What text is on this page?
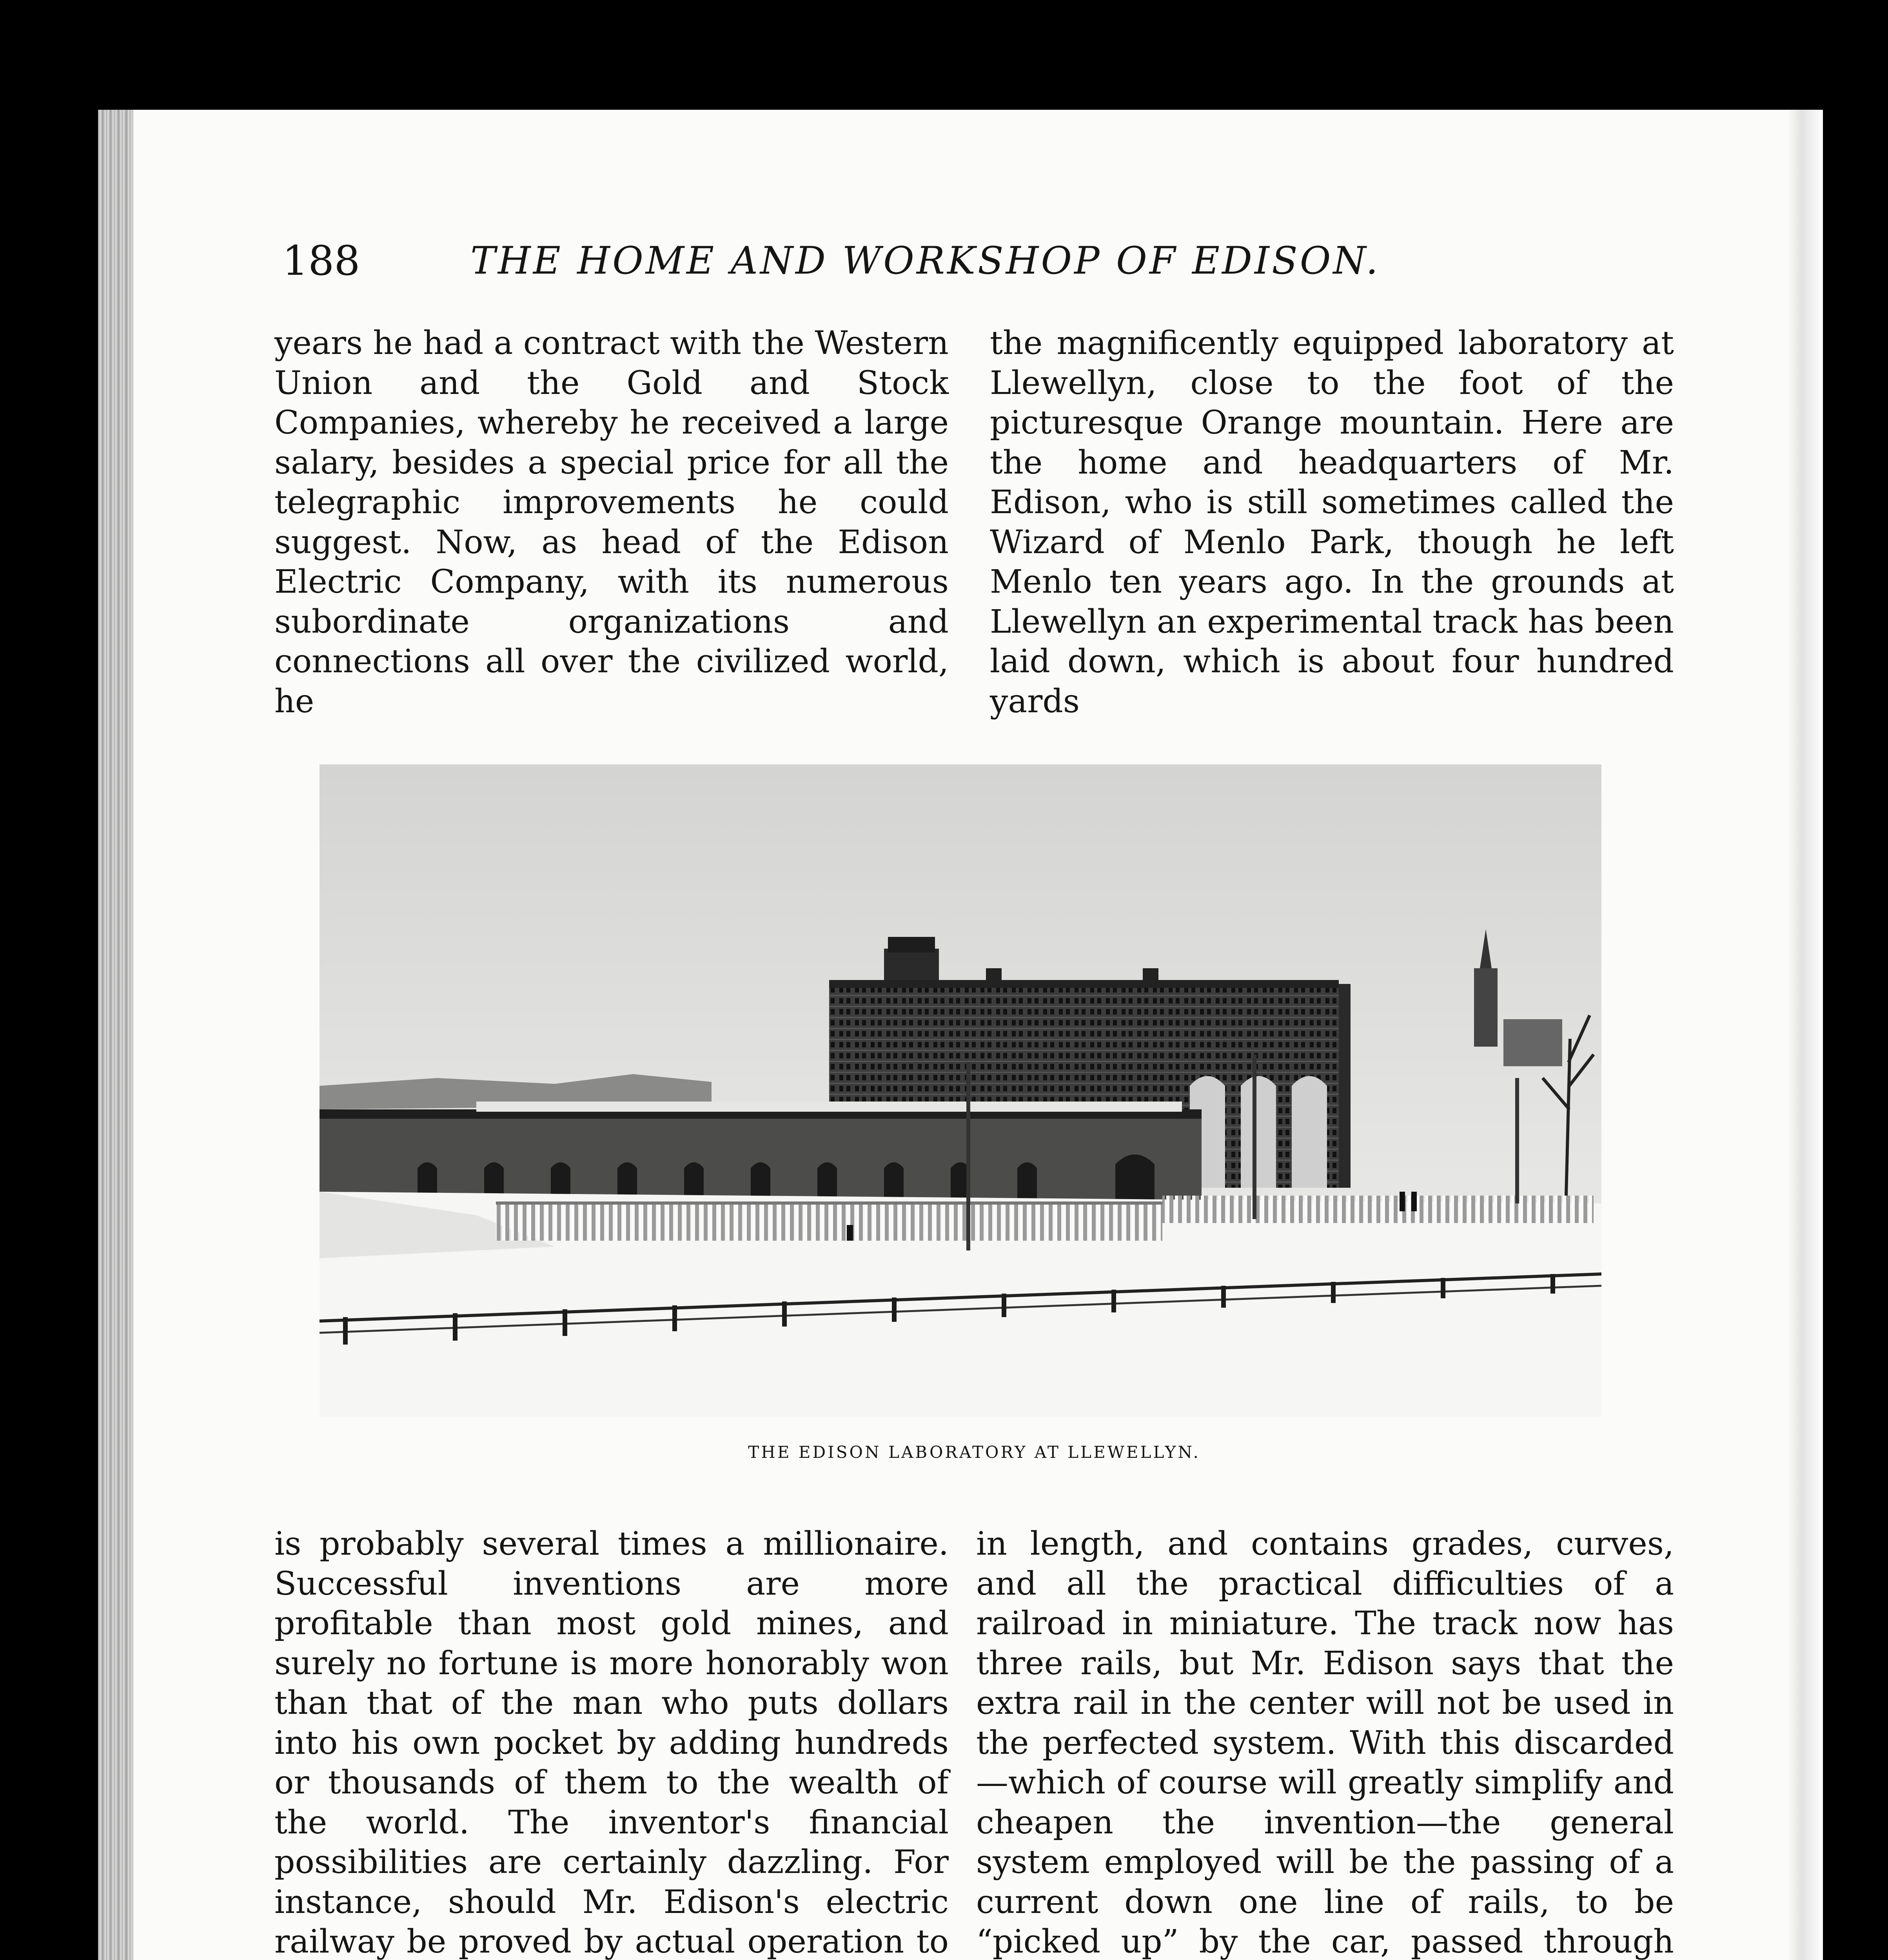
188	THE HOME AND WORKSHOP OF EDISON.

years he had a contract with the Western Union and the Gold and Stock Companies, whereby he received a large salary, besides a special price for all the telegraphic improvements he could suggest. Now, as head of the Edison Electric Company, with its numerous subordinate organizations and connections all over the civilized world, he

the magnificently equipped laboratory at Llewellyn, close to the foot of the picturesque Orange mountain. Here are the home and headquarters of Mr. Edison, who is still sometimes called the Wizard of Menlo Park, though he left Menlo ten years ago. In the grounds at Llewellyn an experimental track has been laid down, which is about four hundred yards

THE EDISON LABORATORY AT LLEWELLYN.

is probably several times a millionaire. Successful inventions are more profitable than most gold mines, and surely no fortune is more honorably won than that of the man who puts dollars into his own pocket by adding hundreds or thousands of them to the wealth of the world. The inventor's financial possibilities are certainly dazzling. For instance, should Mr. Edison's electric railway be proved by actual operation to

in length, and contains grades, curves, and all the practical difficulties of a railroad in miniature. The track now has three rails, but Mr. Edison says that the extra rail in the center will not be used in the perfected system. With this discarded—which of course will greatly simplify and cheapen the invention—the general system employed will be the passing of a current down one line of rails, to be “picked up” by the car, passed through
